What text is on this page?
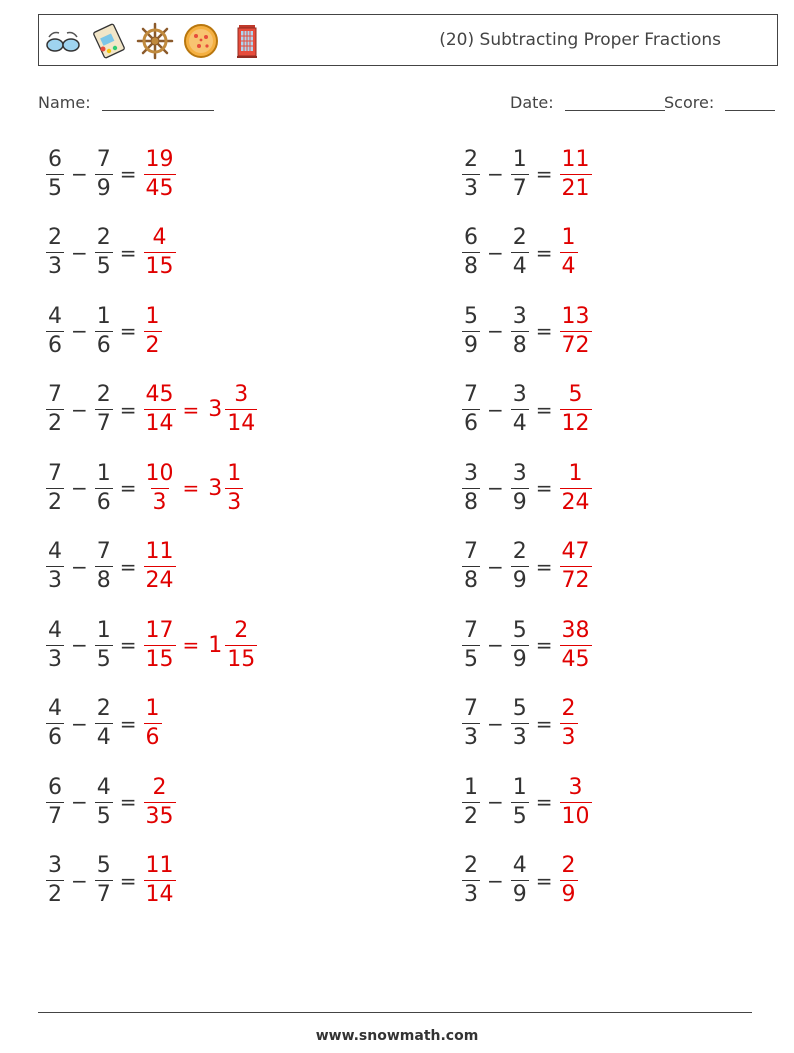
(20) Subtracting Proper Fractions
Name:	Date:	Score:
$\frac{6}{5} - \frac{7}{9} = \frac{19}{45}$	$\frac{2}{3} - \frac{1}{7} = \frac{11}{21}$
$\frac{2}{3} - \frac{2}{5} = \frac{4}{15}$	$\frac{6}{8} - \frac{2}{4} = \frac{1}{4}$
$\frac{4}{6} - \frac{1}{6} = \frac{1}{2}$	$\frac{5}{9} - \frac{3}{8} = \frac{13}{72}$
$\frac{7}{2} - \frac{2}{7} = \frac{45}{14} = 3 \frac{3}{14}$	$\frac{7}{6} - \frac{3}{4} = \frac{5}{12}$
$\frac{7}{2} - \frac{1}{6} = \frac{10}{3} = 3 \frac{1}{3}$	$\frac{3}{8} - \frac{3}{9} = \frac{1}{24}$
$\frac{4}{3} - \frac{7}{8} = \frac{11}{24}$	$\frac{7}{8} - \frac{2}{9} = \frac{47}{72}$
$\frac{4}{3} - \frac{1}{5} = \frac{17}{15} = 1 \frac{2}{15}$	$\frac{7}{5} - \frac{5}{9} = \frac{38}{45}$
$\frac{4}{6} - \frac{2}{4} = \frac{1}{6}$	$\frac{7}{3} - \frac{5}{3} = \frac{2}{3}$
$\frac{6}{7} - \frac{4}{5} = \frac{2}{35}$	$\frac{1}{2} - \frac{1}{5} = \frac{3}{10}$
$\frac{3}{2} - \frac{5}{7} = \frac{11}{14}$	$\frac{2}{3} - \frac{4}{9} = \frac{2}{9}$
www.snowmath.com
